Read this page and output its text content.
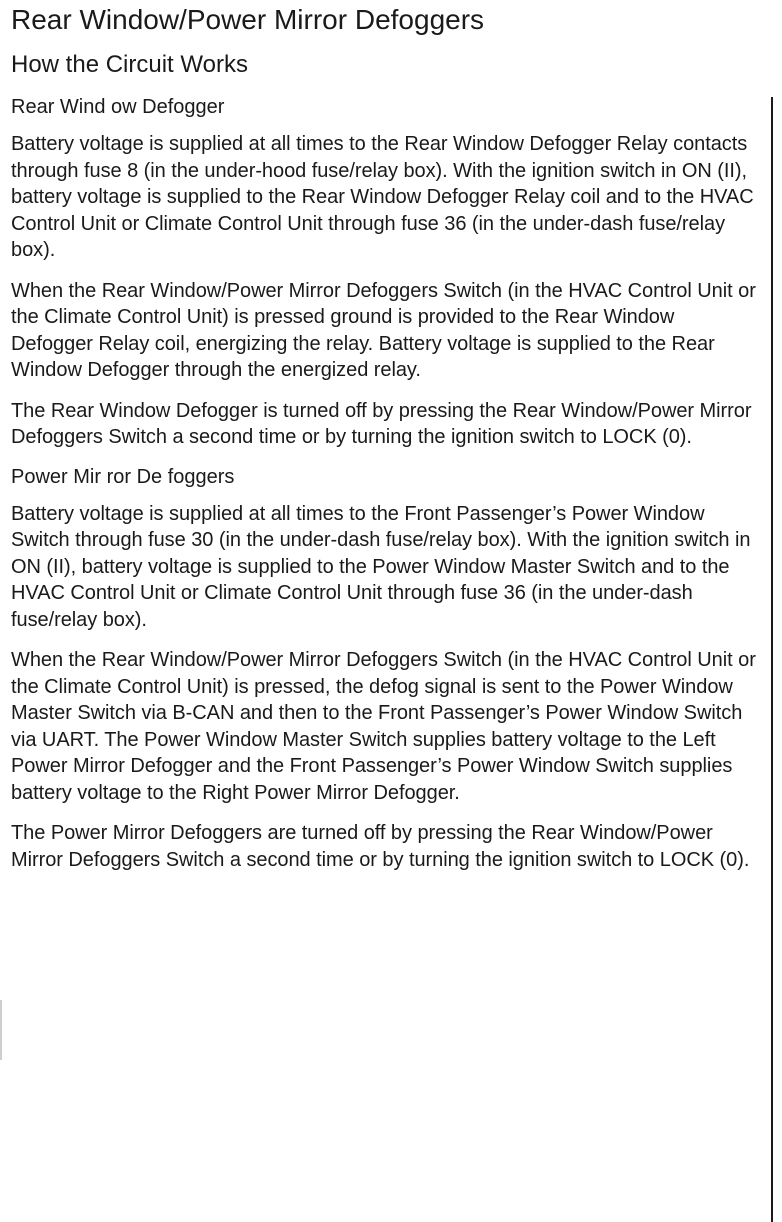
Rear Window/Power Mirror Defoggers
How the Circuit Works
Rear Wind ow Defogger

Battery voltage is supplied at all times to the Rear Window Defogger Relay contacts through fuse 8 (in the under-hood fuse/relay box). With the ignition switch in ON (II), battery voltage is supplied to the Rear Window Defogger Relay coil and to the HVAC Control Unit or Climate Control Unit through fuse 36 (in the under-dash fuse/relay box).

When the Rear Window/Power Mirror Defoggers Switch (in the HVAC Control Unit or the Climate Control Unit) is pressed ground is provided to the Rear Window Defogger Relay coil, energizing the relay. Battery voltage is supplied to the Rear Window Defogger through the energized relay.

The Rear Window Defogger is turned off by pressing the Rear Window/Power Mirror Defoggers Switch a second time or by turning the ignition switch to LOCK (0).

Power Mir ror De foggers

Battery voltage is supplied at all times to the Front Passenger’s Power Window Switch through fuse 30 (in the under-dash fuse/relay box). With the ignition switch in ON (II), battery voltage is supplied to the Power Window Master Switch and to the HVAC Control Unit or Climate Control Unit through fuse 36 (in the under-dash fuse/relay box).

When the Rear Window/Power Mirror Defoggers Switch (in the HVAC Control Unit or the Climate Control Unit) is pressed, the defog signal is sent to the Power Window Master Switch via B-CAN and then to the Front Passenger’s Power Window Switch via UART. The Power Window Master Switch supplies battery voltage to the Left Power Mirror Defogger and the Front Passenger’s Power Window Switch supplies battery voltage to the Right Power Mirror Defogger.

The Power Mirror Defoggers are turned off by pressing the Rear Window/Power Mirror Defoggers Switch a second time or by turning the ignition switch to LOCK (0).
